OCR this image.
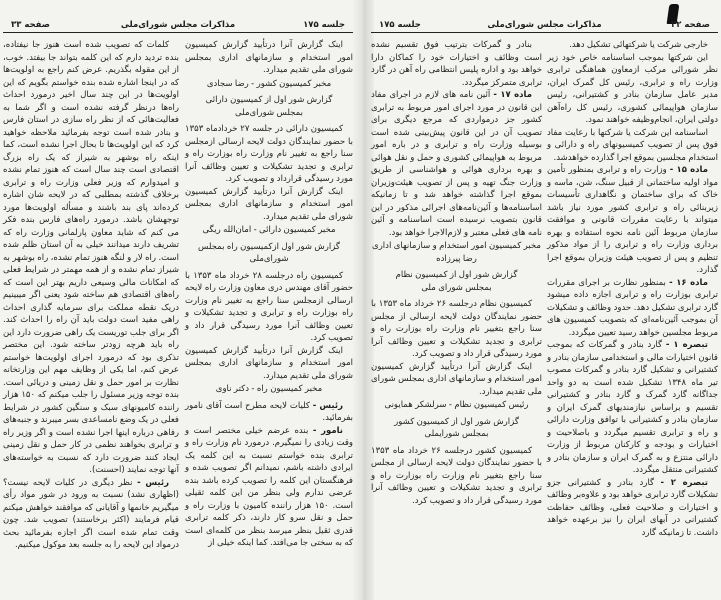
جلسه ۱۷۵
مذاکرات مجلس شورای‌ملی
صفحه ۳۳
اینک گزارش آنرا درتأیید گزارش کمیسیون امور استخدام و سازمانهای اداری بمجلس شورای ملی تقدیم میدارد.
مخبر کمیسیون کشور - رضا سجادی
گزارش شور اول از کمیسیون دارائی
بمجلس شورای‌ملی
کمیسیون دارائی در جلسه ۲۷ خردادماه ۱۳۵۳ با حضور نمایندگان دولت لایحه ارسالی ازمجلس سنا راجع به تغییر نام وزارت راه بوزارت راه و ترابری و تجدید تشکیلات و تعیین وظائف آنرا مورد رسیدگی قرارداد و تصویب کرد.
اینک گزارش آنرا درتأیید گزارش کمیسیون امور استخدام و سازمانهای اداری بمجلس شورای ملی تقدیم میدارد.
مخبر کمیسیون دارائی - امان‌الله ریگی
گزارش شور اول ازکمیسیون راه بمجلس
شورای‌ملی
کمیسیون راه درجلسه ۲۸ خرداد ماه ۱۳۵۳ با حضور آقای مهندس دری معاون وزارت راه لایحه ارسالی ازمجلس سنا راجع به تغییر نام وزارت راه بوزارت راه و ترابری و تجدید تشکیلات و تعیین وظائف آنرا مورد رسیدگی قرار داد و تصویب کرد.
اینک گزارش آنرا درتأیید گزارش کمیسیون امور استخدام و سازمانهای اداری بمجلس شورای ملی تقدیم میدارد.
مخبر کمیسیون راه - دکتر ناوی
رئیس - کلیات لایحه مطرح است آقای نامور بفرمائید.
نامور - بنده عرضم خیلی مختصر است و وقت زیادی را نمیگیرم. درمورد نام وزارت راه و ترابری بنده خواستم نسبت به این کلمه یک ایرادی داشته باشم، نمیدانم اگر تصویب شده و فرهنگستان این کلمه را تصویب کرده باشد بنده عرضی ندارم ولی بنظر من این کلمه ثقیلی است. ۱۵۰ هزار راننده کامیون با وزارت راه و حمل و نقل سرو کار دارند، ذکر کلمه ترابری قدری ثقیل بنظر میرسد بنظر من کلمه‌ای است که به سختی جا می‌افتد. کما اینکه خیلی از
کلمات که تصویب شده است هنوز جا نیفتاده، بنده تردید دارم که این کلمه بتواند جا بیفتد. خوب، از این مقوله بگذریم. عرض کنم راجع به اولویت‌ها که در اینجا اشاره شده بنده خواستم بگویم که این اولویت‌ها در این چند سال اخیر درمورد احداث راه‌ها درنظر گرفته نشده است و اگر شما به فعالیت‌هائی که از نظر راه سازی در استان فارس و بنادر شده است توجه بفرمائید ملاحظه خواهید کرد که این اولویت‌ها تا بحال اجرا نشده است، کما اینکه راه بوشهر به شیراز که یک راه بزرگ اقتصادی است چند سال است که هنوز تمام نشده و امیدوارم که وزیر فعلی وزارت راه و ترابری برخلاف گذشته بمطلبی که در لایحه شان اشاره کرده‌اند پای بند باشند و مسأله اولویت‌ها مورد توجهشان باشد. درمورد راه‌های فارس بنده فکر می کنم که شاید معاون پارلمانی وزارت راه که تشریف دارند میدانند خیلی به آن استان ظلم شده است. راه لار و لنگه هنوز تمام نشده، راه بوشهر به شیراز تمام نشده و از همه مهمتر در شرایط فعلی که امکانات مالی وسیعی داریم بهتر این است که راه‌های اقتصادی هم ساخته شود یعنی اگر میبینیم دریک نقطه مملکت برای سرمایه گذاری احداث راهی مفید است دولت باید آن راه را احداث کند. اگر برای جلب توریست یک راهی ضرورت دارد این راه باید هرچه زودتر ساخته شود. این مختصر تذکری بود که درمورد اجرای اولویت‌ها خواستم عرض کنم، اما یکی از وظایف مهم این وزارتخانه نظارت بر امور حمل و نقل زمینی و دریائی است. بنده توجه وزیر مسئول را جلب میکنم که ۱۵۰ هزار راننده کامیونهای سبک و سنگین کشور در شرایط فعلی در یک وضع نامساعدی بسر میبرند و جنبه‌های رفاهی درباره اینها اجرا نشده است و اگر وزیر راه و ترابری بخواهند نظمی در کار حمل و نقل زمینی ایجاد کنند ضرورت دارد که نسبت به خواسته‌های آنها توجه نمایند (احسنت).
رئیس - نظر دیگری در کلیات لایحه نیست؟ (اظهاری نشد) نسبت به ورود در شور مواد رأی میگیریم خانمها و آقایانی که موافقند خواهش میکنم قیام فرمایند (اکثر برخاستند) تصویب شد. چون وقت تمام شده است اگر اجازه بفرمائید بحث درمواد این لایحه را به جلسه بعد موکول میکنیم.
صفحه ۳۲
مذاکرات مجلس شورای‌ملی
جلسه ۱۷۵
بنادر و گمرکات بترتیب فوق تقسیم نشده است وظائف و اختیارات خود را کماکان دارا خواهد بود و اداره پلیس انتظامی راه آهن در گارد ترابری متمرکز میگردد.
ماده ۱۷ - آئین نامه های لازم در اجرای مفاد این قانون در مورد اجرای امور مربوط به ترابری کشور جز درمواردی که مرجع دیگری برای تصویب آن در این قانون پیش‌بینی شده است بوسیله وزارت راه و ترابری و در باره امور مربوط به هواپیمائی کشوری و حمل و نقل هوائی و بهره برداری هوائی و هواشناسی از طریق وزارت جنگ تهیه و پس از تصویب هیئت‌وزیران بموقع اجرا گذاشته خواهد شد و تا زمانیکه اساسنامه‌ها و آئین‌نامه‌های اجرائی مذکور در این قانون بتصویب نرسیده است اساسنامه و آئین نامه های فعلی معتبر و لازم‌الاجرا خواهد بود.
مخبر کمیسیون امور استخدام و سازمانهای اداری
رضا پیرزاده
گزارش شور اول از کمیسیون نظام
بمجلس شورای ملی
کمیسیون نظام درجلسه ۲۶ خرداد ماه ۱۳۵۳ با حضور نمایندگان دولت لایحه ارسالی از مجلس سنا راجع بتغییر نام وزارت راه بوزارت راه و ترابری و تجدید تشکیلات و تعیین وظائف آنرا مورد رسیدگی قرار داد و تصویب کرد.
اینک گزارش آنرا درتأیید گزارش کمیسیون امور استخدام و سازمانهای اداری بمجلس شورای ملی تقدیم میدارد.
رئیس کمیسیون نظام - سرلشکر همایونی
گزارش شور اول از کمیسیون کشور
بمجلس شورایملی
کمیسیون کشور درجلسه ۲۶ خرداد ماه ۱۳۵۳ با حضور نمایندگان دولت لایحه ارسالی از مجلس سنا راجع بتغییر نام وزارت راه بوزارت راه و ترابری و تجدید تشکیلات و تعیین وظائف آنرا مورد رسیدگی قرار داد و تصویب کرد.
خارجی شرکت یا شرکتهائی تشکیل دهد.
این شرکتها بموجب اساسنامه خاص خود زیر نظر شورائی مرکب ازمعاون هماهنگی ترابری وزارت راه و ترابری، رئیس کل گمرک ایران، مدیر عامل سازمان بنادر و کشتیرانی، رئیس سازمان هواپیمائی کشوری، رئیس کل راه‌آهن دولتی ایران، انجام‌وظیفه خواهند نمود.
اساسنامه این شرکت یا شرکتها با رعایت مفاد فوق پس از تصویب کمیسیونهای راه و دارائی و استخدام مجلسین بموقع اجرا گذارده خواهدشد.
ماده ۱۵ - وزارت راه و ترابری بمنظور تأمین مواد اولیه ساختمانی از قبیل سنگ، شن، ماسه و خاک که برای ساختمان و نگاهداری تأسیسات زیربنائی راه و ترابری کشور مورد نیاز باشد میتواند با رعایت مقررات قانونی و موافقت سازمان مربوط آئین نامه نحوه استفاده و بهره برداری وزارت راه و ترابری را از مواد مذکور تنظیم و پس از تصویب هیئت وزیران بموقع اجرا گذارد.
ماده ۱۶ - بمنظور نظارت بر اجرای مقررات ترابری بوزارت راه و ترابری اجازه داده میشود گارد ترابری تشکیل دهد. حدود وظائف و تشکیلات آن بموجب آئین‌نامه‌ای که بتصویب کمیسیون های مربوط مجلسین خواهد رسید تعیین میگردد.
تبصره ۱ - گارد بنادر و گمرکات که بموجب قانون اختیارات مالی و استخدامی سازمان بنادر و کشتیرانی و تشکیل گارد بنادر و گمرکات مصوب تیر ماه ۱۳۴۸ تشکیل شده است به دو واحد جداگانه گارد گمرک و گارد بنادر و کشتیرانی تقسیم و براساس نیازمندیهای گمرک ایران و سازمان بنادر و کشتیرانی با توافق وزارت دارائی و راه و ترابری تقسیم میگردد و باصلاحیت و اختیارات و بودجه و کارکنان مربوط از وزارت دارائی منتزع و به گمرک ایران و سازمان بنادر و کشتیرانی منتقل میگردد.
تبصره ۲ - گارد بنادر و کشتیرانی جزو تشکیلات گارد ترابری خواهد بود و علاوه‌بر وظائف و اختیارات و صلاحیت فعلی، وظائف حفاظت کشتیرانی در آبهای ایران را نیز برعهده خواهد داشت. تا زمانیکه گارد
